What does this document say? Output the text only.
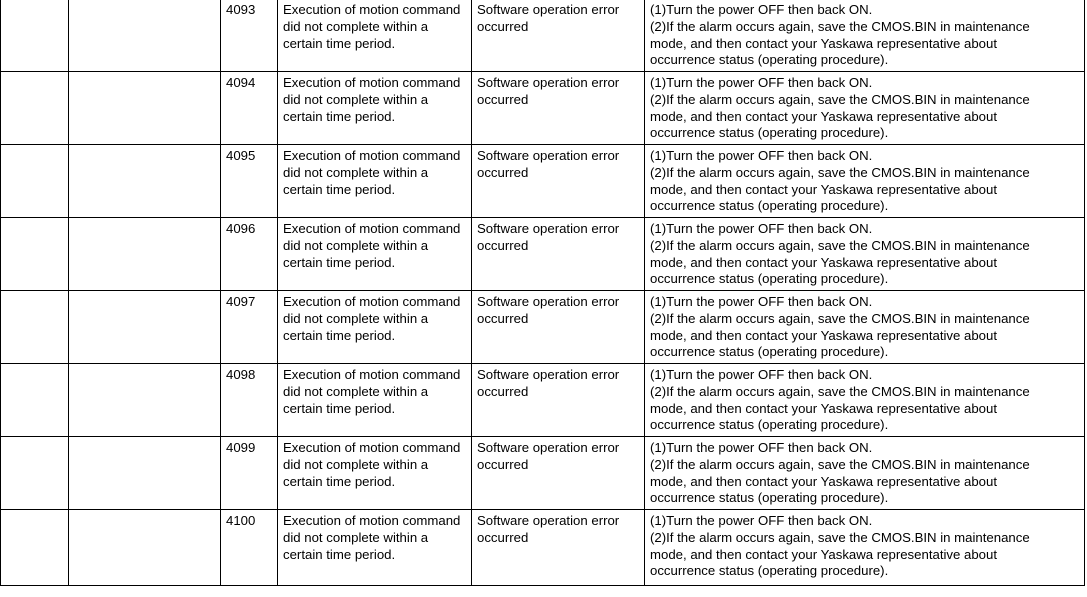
		4093	Execution of motion command
did not complete within a
certain time period.	Software operation error
occurred	(1)Turn the power OFF then back ON.
(2)If the alarm occurs again, save the CMOS.BIN in maintenance
mode, and then contact your Yaskawa representative about
occurrence status (operating procedure).

		4094	Execution of motion command
did not complete within a
certain time period.	Software operation error
occurred	(1)Turn the power OFF then back ON.
(2)If the alarm occurs again, save the CMOS.BIN in maintenance
mode, and then contact your Yaskawa representative about
occurrence status (operating procedure).

		4095	Execution of motion command
did not complete within a
certain time period.	Software operation error
occurred	(1)Turn the power OFF then back ON.
(2)If the alarm occurs again, save the CMOS.BIN in maintenance
mode, and then contact your Yaskawa representative about
occurrence status (operating procedure).

		4096	Execution of motion command
did not complete within a
certain time period.	Software operation error
occurred	(1)Turn the power OFF then back ON.
(2)If the alarm occurs again, save the CMOS.BIN in maintenance
mode, and then contact your Yaskawa representative about
occurrence status (operating procedure).

		4097	Execution of motion command
did not complete within a
certain time period.	Software operation error
occurred	(1)Turn the power OFF then back ON.
(2)If the alarm occurs again, save the CMOS.BIN in maintenance
mode, and then contact your Yaskawa representative about
occurrence status (operating procedure).

		4098	Execution of motion command
did not complete within a
certain time period.	Software operation error
occurred	(1)Turn the power OFF then back ON.
(2)If the alarm occurs again, save the CMOS.BIN in maintenance
mode, and then contact your Yaskawa representative about
occurrence status (operating procedure).

		4099	Execution of motion command
did not complete within a
certain time period.	Software operation error
occurred	(1)Turn the power OFF then back ON.
(2)If the alarm occurs again, save the CMOS.BIN in maintenance
mode, and then contact your Yaskawa representative about
occurrence status (operating procedure).

		4100	Execution of motion command
did not complete within a
certain time period.	Software operation error
occurred	(1)Turn the power OFF then back ON.
(2)If the alarm occurs again, save the CMOS.BIN in maintenance
mode, and then contact your Yaskawa representative about
occurrence status (operating procedure).
